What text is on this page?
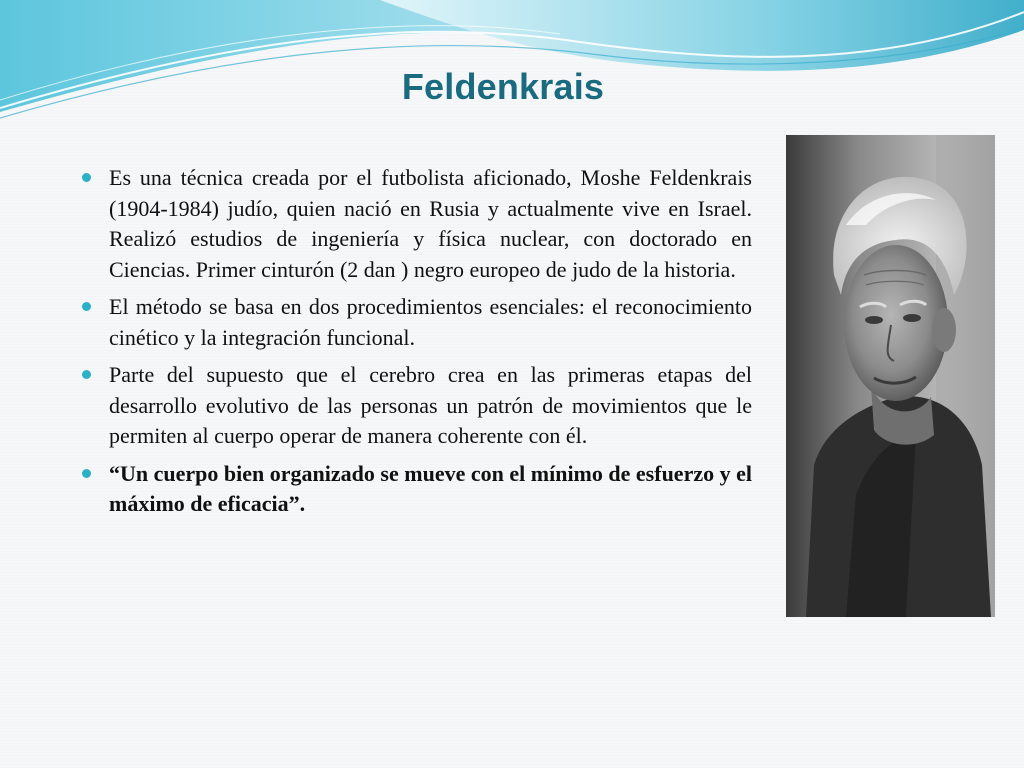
Feldenkrais
Es una técnica creada por el futbolista aficionado, Moshe Feldenkrais (1904-1984) judío, quien nació en Rusia y actualmente vive en Israel. Realizó estudios de ingeniería y física nuclear, con doctorado en Ciencias. Primer cinturón (2 dan ) negro europeo de judo de la historia.
El método se basa en dos procedimientos esenciales: el reconocimiento cinético y la integración funcional.
Parte del supuesto que el cerebro crea en las primeras etapas del desarrollo evolutivo de las personas un patrón de movimientos que le permiten al cuerpo operar de manera coherente con él.
“Un cuerpo bien organizado se mueve con el mínimo de esfuerzo y el máximo de eficacia”.
